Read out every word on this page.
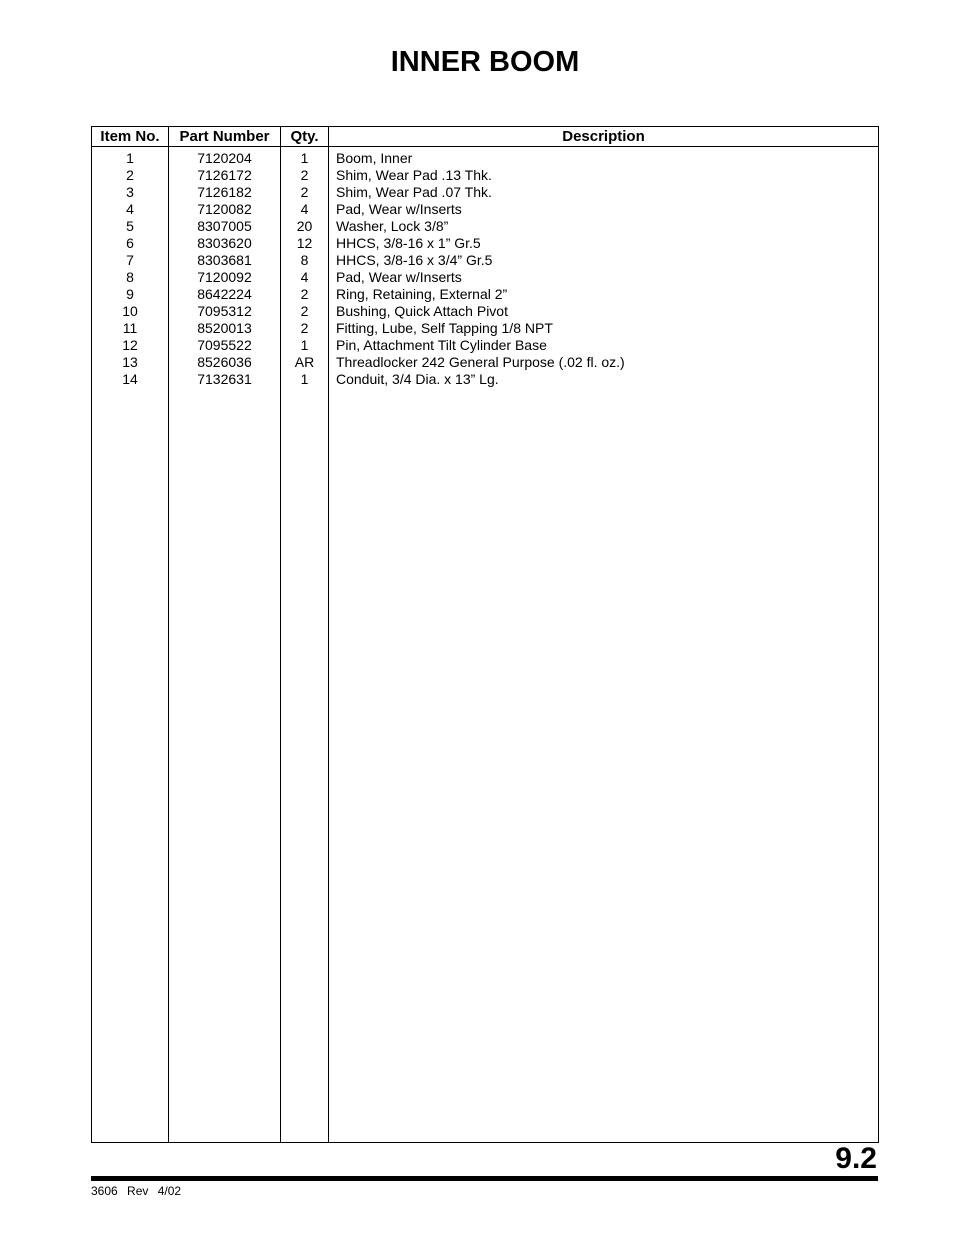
INNER BOOM
Item No.	Part Number	Qty.	Description
1	7120204	1	Boom, Inner
2	7126172	2	Shim, Wear Pad .13 Thk.
3	7126182	2	Shim, Wear Pad .07 Thk.
4	7120082	4	Pad, Wear w/Inserts
5	8307005	20	Washer, Lock 3/8”
6	8303620	12	HHCS, 3/8-16 x 1” Gr.5
7	8303681	8	HHCS, 3/8-16 x 3/4” Gr.5
8	7120092	4	Pad, Wear w/Inserts
9	8642224	2	Ring, Retaining, External 2”
10	7095312	2	Bushing, Quick Attach Pivot
11	8520013	2	Fitting, Lube, Self Tapping 1/8 NPT
12	7095522	1	Pin, Attachment Tilt Cylinder Base
13	8526036	AR	Threadlocker 242 General Purpose (.02 fl. oz.)
14	7132631	1	Conduit, 3/4 Dia. x 13” Lg.

9.2
3606 Rev 4/02
